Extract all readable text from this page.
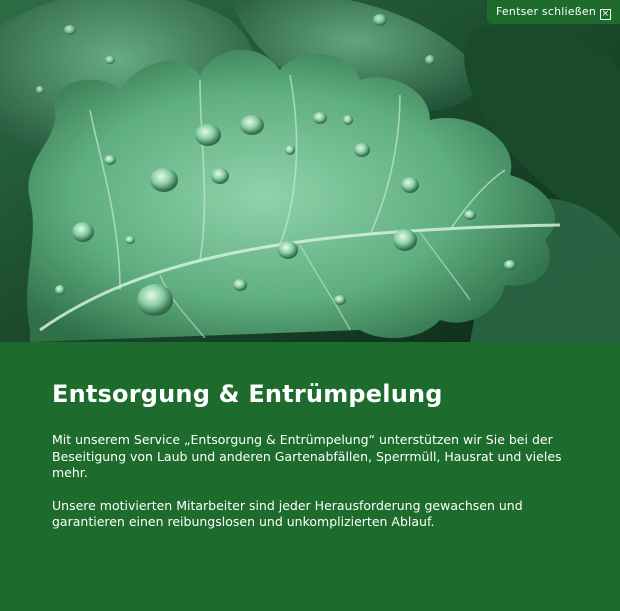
Fentser schließen ×
Entsorgung & Entrümpelung

Mit unserem Service „Entsorgung & Entrümpelung“ unterstützen wir Sie bei der Beseitigung von Laub und anderen Gartenabfällen, Sperrmüll, Hausrat und vieles mehr.

Unsere motivierten Mitarbeiter sind jeder Herausforderung gewachsen und garantieren einen reibungslosen und unkomplizierten Ablauf.
